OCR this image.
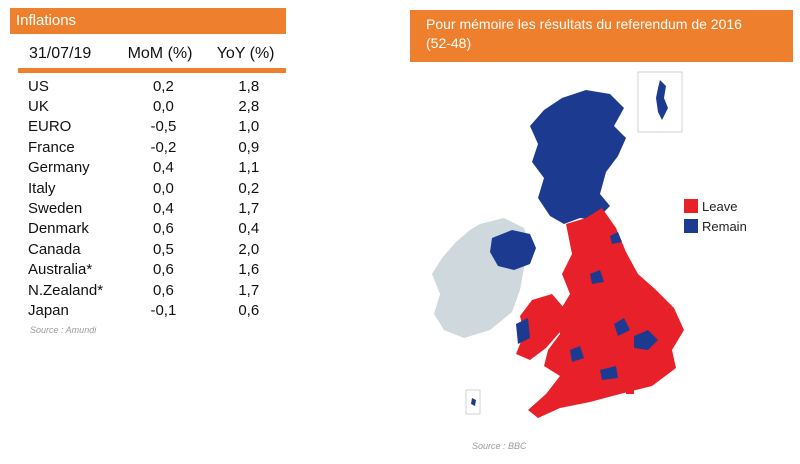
Inflations
31/07/19	MoM (%)	YoY (%)
US	0,2	1,8
UK	0,0	2,8
EURO	-0,5	1,0
France	-0,2	0,9
Germany	0,4	1,1
Italy	0,0	0,2
Sweden	0,4	1,7
Denmark	0,6	0,4
Canada	0,5	2,0
Australia*	0,6	1,6
N.Zealand*	0,6	1,7
Japan	-0,1	0,6
Source : Amundi
Pour mémoire les résultats du referendum de 2016
(52-48)
Leave
Remain
Source : BBC
